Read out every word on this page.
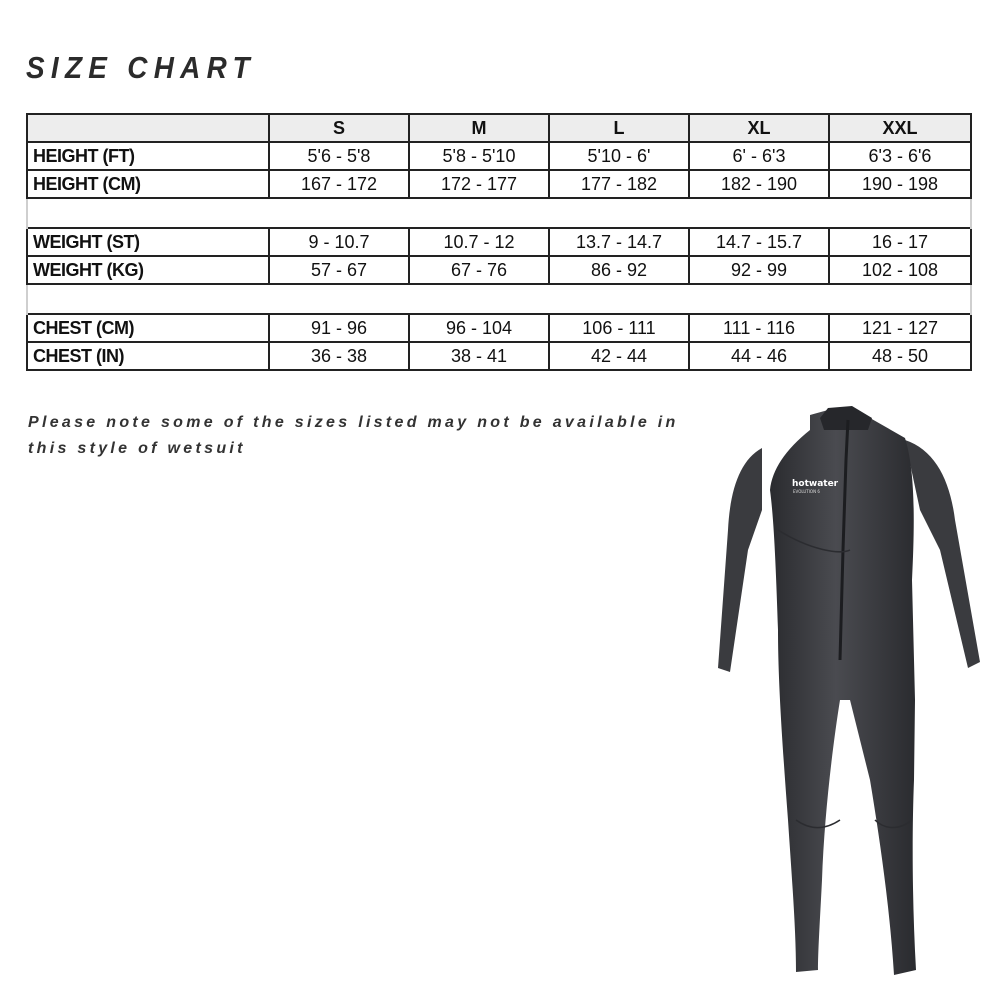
SIZE CHART
	S	M	L	XL	XXL
HEIGHT (FT)	5'6 - 5'8	5'8 - 5'10	5'10 - 6'	6' - 6'3	6'3 - 6'6
HEIGHT (CM)	167 - 172	172 - 177	177 - 182	182 - 190	190 - 198

WEIGHT (ST)	9 - 10.7	10.7 - 12	13.7 - 14.7	14.7 - 15.7	16 - 17
WEIGHT (KG)	57 - 67	67 - 76	86 - 92	92 - 99	102 - 108

CHEST (CM)	91 - 96	96 - 104	106 - 111	111 - 116	121 - 127
CHEST (IN)	36 - 38	38 - 41	42 - 44	44 - 46	48 - 50
Please note some of the sizes listed may not be available in this style of wetsuit
hotwater
EVOLUTION 6
